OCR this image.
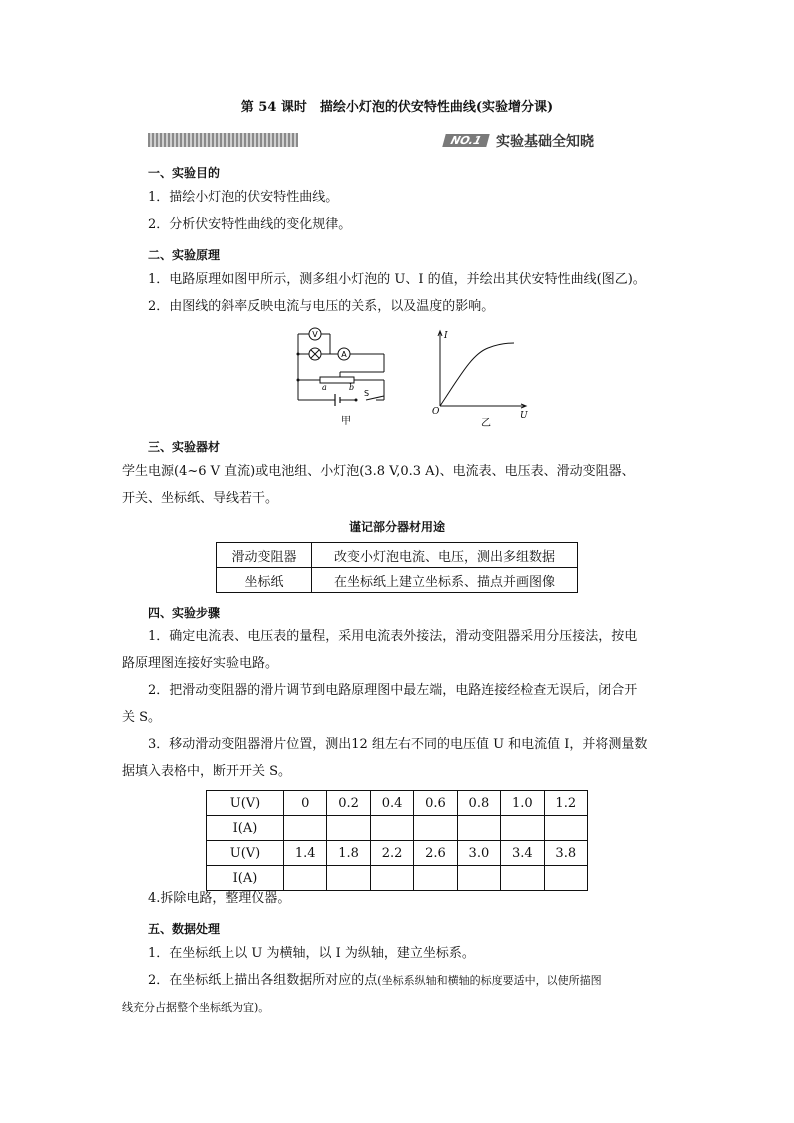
第 54 课时　描绘小灯泡的伏安特性曲线(实验增分课)
NO.1 实验基础全知晓
一、实验目的
1．描绘小灯泡的伏安特性曲线。
2．分析伏安特性曲线的变化规律。
二、实验原理
1．电路原理如图甲所示，测多组小灯泡的 U、I 的值，并绘出其伏安特性曲线(图乙)。
2．由图线的斜率反映电流与电压的关系，以及温度的影响。
V
A
S
a	b
甲
I
U
O
乙
三、实验器材
学生电源(4~6 V 直流)或电池组、小灯泡(3.8 V,0.3 A)、电流表、电压表、滑动变阻器、
开关、坐标纸、导线若干。
谨记部分器材用途
滑动变阻器	改变小灯泡电流、电压，测出多组数据
坐标纸	在坐标纸上建立坐标系、描点并画图像
四、实验步骤
1．确定电流表、电压表的量程，采用电流表外接法，滑动变阻器采用分压接法，按电
路原理图连接好实验电路。
2．把滑动变阻器的滑片调节到电路原理图中最左端，电路连接经检查无误后，闭合开
关 S。
3．移动滑动变阻器滑片位置，测出12 组左右不同的电压值 U 和电流值 I，并将测量数
据填入表格中，断开开关 S。
U(V)	0	0.2	0.4	0.6	0.8	1.0	1.2
I(A)							
U(V)	1.4	1.8	2.2	2.6	3.0	3.4	3.8
I(A)							
4.拆除电路，整理仪器。
五、数据处理
1．在坐标纸上以 U 为横轴，以 I 为纵轴，建立坐标系。
2．在坐标纸上描出各组数据所对应的点(坐标系纵轴和横轴的标度要适中，以使所描图
线充分占据整个坐标纸为宜)。
